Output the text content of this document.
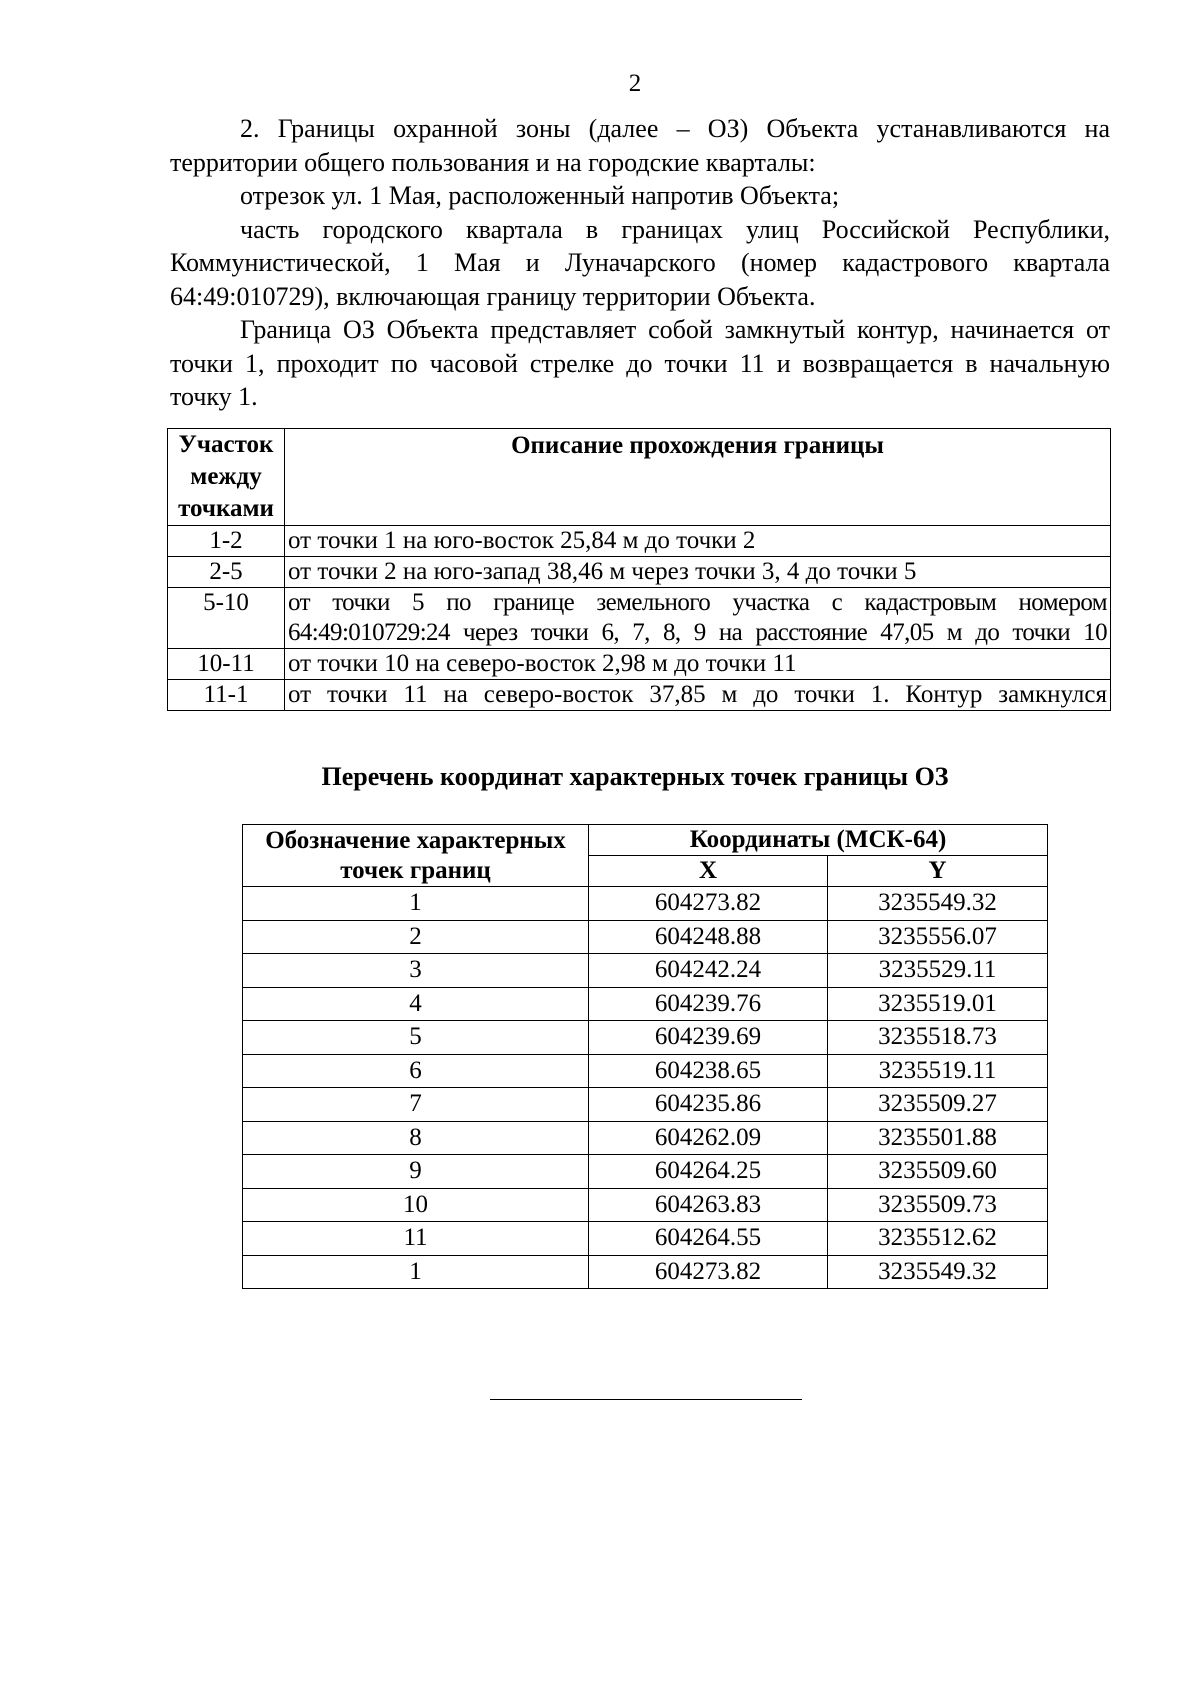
2

2. Границы охранной зоны (далее – ОЗ) Объекта устанавливаются на территории общего пользования и на городские кварталы:

отрезок ул. 1 Мая, расположенный напротив Объекта;

часть городского квартала в границах улиц Российской Республики, Коммунистической, 1 Мая и Луначарского (номер кадастрового квартала 64:49:010729), включающая границу территории Объекта.

Граница ОЗ Объекта представляет собой замкнутый контур, начинается от точки 1, проходит по часовой стрелке до точки 11 и возвращается в начальную точку 1.

Участок между точками	Описание прохождения границы
1-2	от точки 1 на юго-восток 25,84 м до точки 2
2-5	от точки 2 на юго-запад 38,46 м через точки 3, 4 до точки 5
5-10	от точки 5 по границе земельного участка с кадастровым номером 64:49:010729:24 через точки 6, 7, 8, 9 на расстояние 47,05 м до точки 10
10-11	от точки 10 на северо-восток 2,98 м до точки 11
11-1	от точки 11 на северо-восток 37,85 м до точки 1. Контур замкнулся
Перечень координат характерных точек границы ОЗ
Обозначение характерных точек границ	Координаты (МСК-64)	
	X	Y
1	604273.82	3235549.32
2	604248.88	3235556.07
3	604242.24	3235529.11
4	604239.76	3235519.01
5	604239.69	3235518.73
6	604238.65	3235519.11
7	604235.86	3235509.27
8	604262.09	3235501.88
9	604264.25	3235509.60
10	604263.83	3235509.73
11	604264.55	3235512.62
1	604273.82	3235549.32
